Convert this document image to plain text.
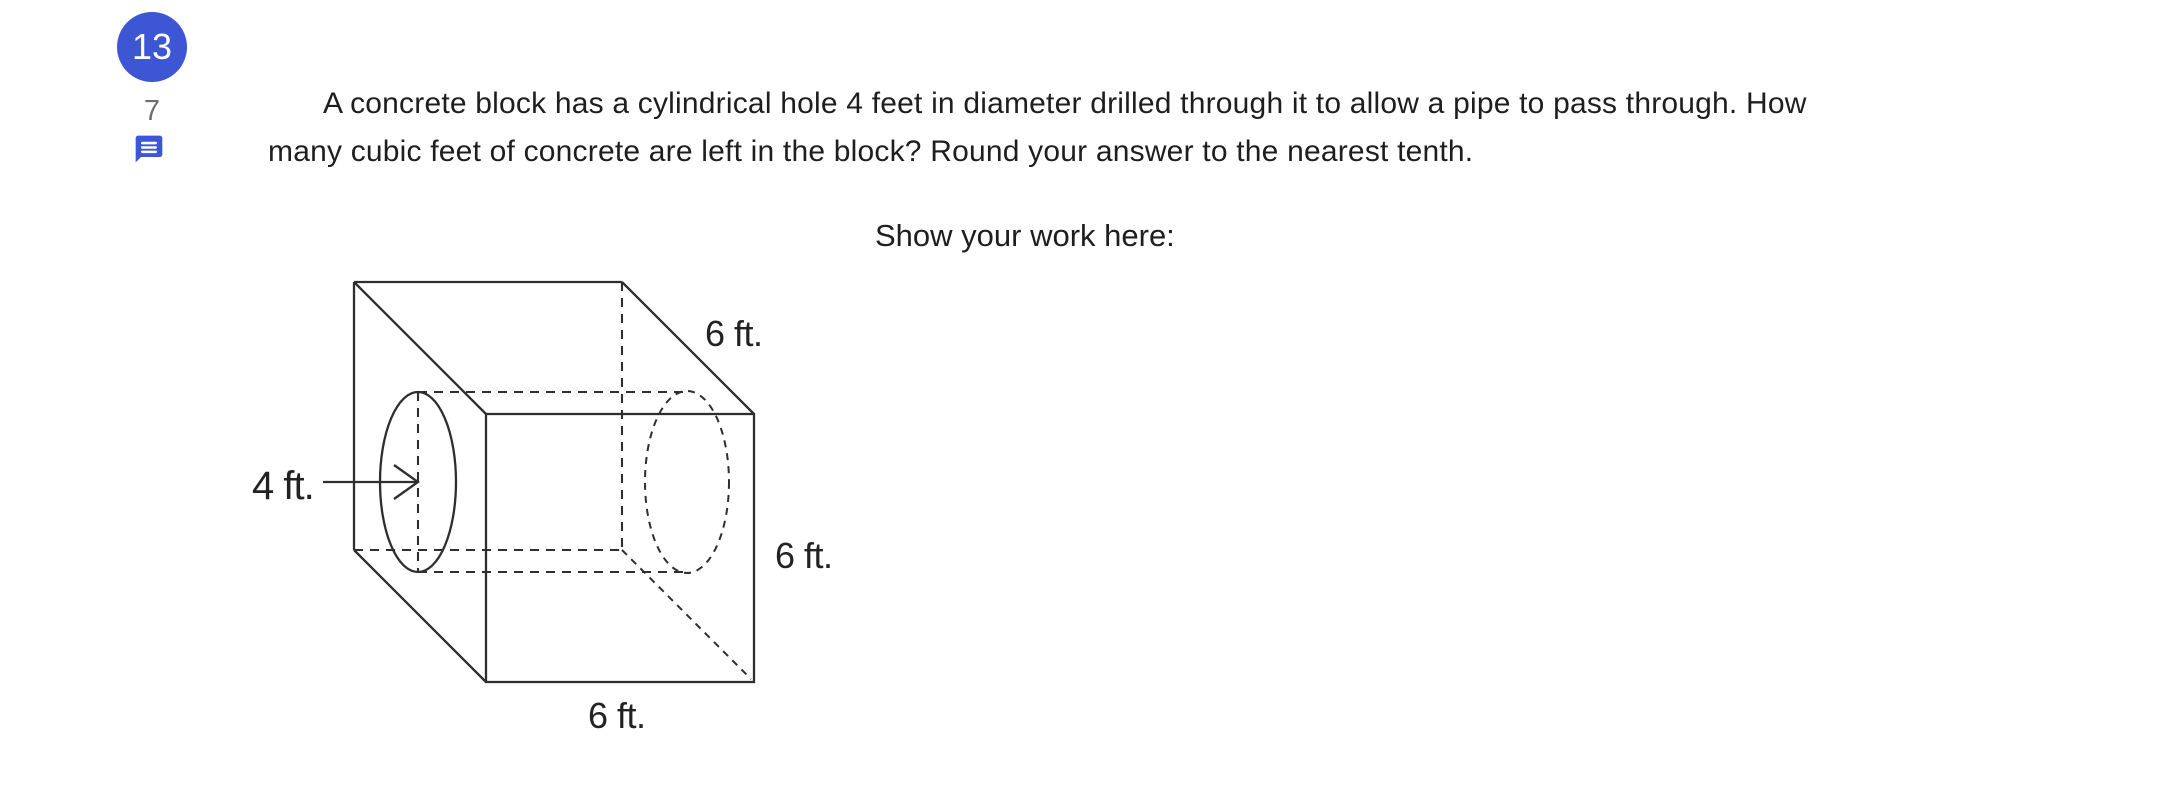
13
7	A concrete block has a cylindrical hole 4 feet in diameter drilled through it to allow a pipe to pass through. How
many cubic feet of concrete are left in the block? Round your answer to the nearest tenth.
Show your work here:
6 ft.
6 ft.
6 ft.
4 ft.
